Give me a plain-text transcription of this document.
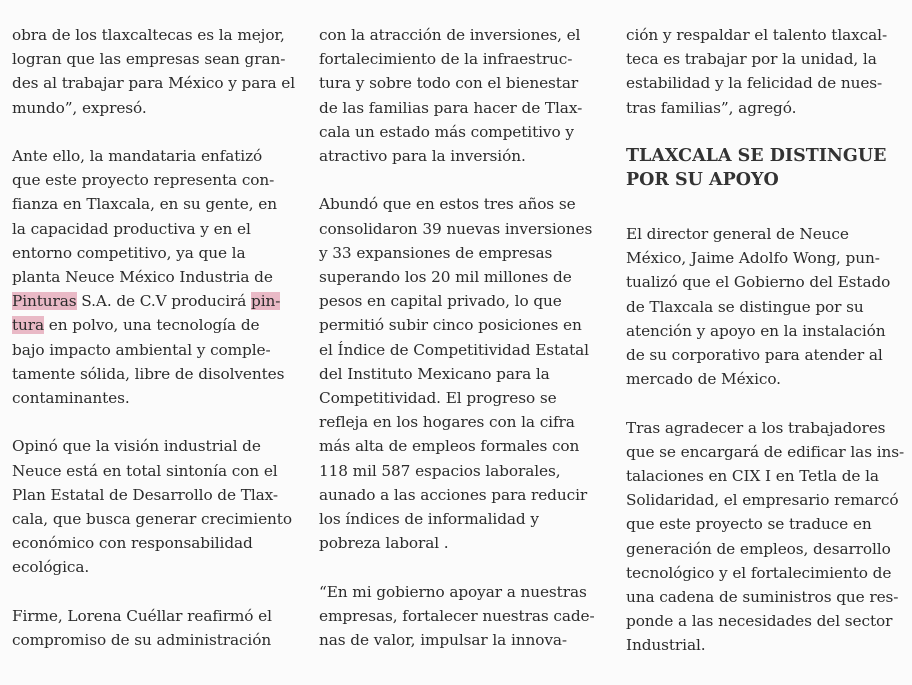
obra de los tlaxcaltecas es la mejor,
logran que las empresas sean gran-
des al trabajar para México y para el
mundo”, expresó.

Ante ello, la mandataria enfatizó
que este proyecto representa con-
fianza en Tlaxcala, en su gente, en
la capacidad productiva y en el
entorno competitivo, ya que la
planta Neuce México Industria de
Pinturas S.A. de C.V producirá pin-
tura en polvo, una tecnología de
bajo impacto ambiental y comple-
tamente sólida, libre de disolventes
contaminantes.

Opinó que la visión industrial de
Neuce está en total sintonía con el
Plan Estatal de Desarrollo de Tlax-
cala, que busca generar crecimiento
económico con responsabilidad
ecológica.

Firme, Lorena Cuéllar reafirmó el
compromiso de su administración

con la atracción de inversiones, el
fortalecimiento de la infraestruc-
tura y sobre todo con el bienestar
de las familias para hacer de Tlax-
cala un estado más competitivo y
atractivo para la inversión.

Abundó que en estos tres años se
consolidaron 39 nuevas inversiones
y 33 expansiones de empresas
superando los 20 mil millones de
pesos en capital privado, lo que
permitió subir cinco posiciones en
el Índice de Competitividad Estatal
del Instituto Mexicano para la
Competitividad. El progreso se
refleja en los hogares con la cifra
más alta de empleos formales con
118 mil 587 espacios laborales,
aunado a las acciones para reducir
los índices de informalidad y
pobreza laboral .

“En mi gobierno apoyar a nuestras
empresas, fortalecer nuestras cade-
nas de valor, impulsar la innova-

ción y respaldar el talento tlaxcal-
teca es trabajar por la unidad, la
estabilidad y la felicidad de nues-
tras familias”, agregó.

TLAXCALA SE DISTINGUE
POR SU APOYO

El director general de Neuce
México, Jaime Adolfo Wong, pun-
tualizó que el Gobierno del Estado
de Tlaxcala se distingue por su
atención y apoyo en la instalación
de su corporativo para atender al
mercado de México.

Tras agradecer a los trabajadores
que se encargará de edificar las ins-
talaciones en CIX I en Tetla de la
Solidaridad, el empresario remarcó
que este proyecto se traduce en
generación de empleos, desarrollo
tecnológico y el fortalecimiento de
una cadena de suministros que res-
ponde a las necesidades del sector
Industrial.
